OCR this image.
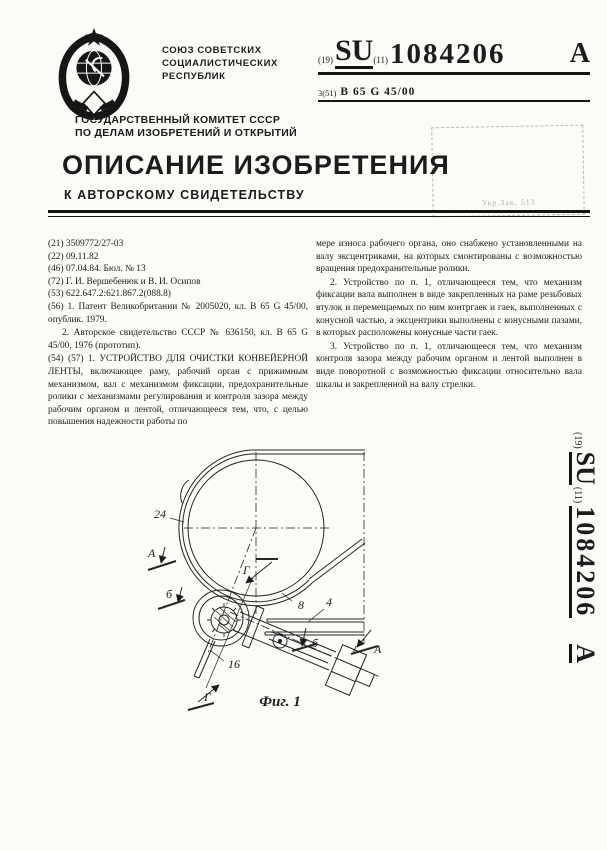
СОЮЗ СОВЕТСКИХ
СОЦИАЛИСТИЧЕСКИХ
РЕСПУБЛИК
(19) SU (11) 1084206 A
3(51) B 65 G 45/00
Укр.Зак. 513
ГОСУДАРСТВЕННЫЙ КОМИТЕТ СССР
ПО ДЕЛАМ ИЗОБРЕТЕНИЙ И ОТКРЫТИЙ
ОПИСАНИЕ ИЗОБРЕТЕНИЯ
К АВТОРСКОМУ СВИДЕТЕЛЬСТВУ
(21) 3509772/27-03
(22) 09.11.82
(46) 07.04.84. Бюл. № 13
(72) Г. И. Вершебенюк и В. И. Осипов
(53) 622.647.2:621.867.2(088.8)

(56) 1. Патент Великобритании № 2005020, кл. В 65 G 45/00, опублик. 1979.

2. Авторское свидетельство СССР № 636150, кл. В 65 G 45/00, 1976 (прототип).

(54) (57) 1. УСТРОЙСТВО ДЛЯ ОЧИСТКИ КОНВЕЙЕРНОЙ ЛЕНТЫ, включающее раму, рабочий орган с прижимным механизмом, вал с механизмом фиксации, предохранительные ролики с механизмами регулирования и контроля зазора между рабочим органом и лентой, отличающееся тем, что, с целью повышения надежности работы по

мере износа рабочего органа, оно снабжено установленными на валу эксцентриками, на которых смонтированы с возможностью вращения предохранительные ролики.

2. Устройство по п. 1, отличающееся тем, что механизм фиксации вала выполнен в виде закрепленных на раме резьбовых втулок и перемещаемых по ним контргаек и гаек, выполненных с конусной частью, а эксцентрики выполнены с конусными пазами, в которых расположены конусные части гаек.

3. Устройство по п. 1, отличающееся тем, что механизм контроля зазора между рабочим органом и лентой выполнен в виде поворотной с возможностью фиксации относительно вала шкалы и закрепленной на валу стрелки.

24
А
б
Г
8 4
б	А
16
Г	Фиг. 1
(19)
SU
(11)
1084206
A
